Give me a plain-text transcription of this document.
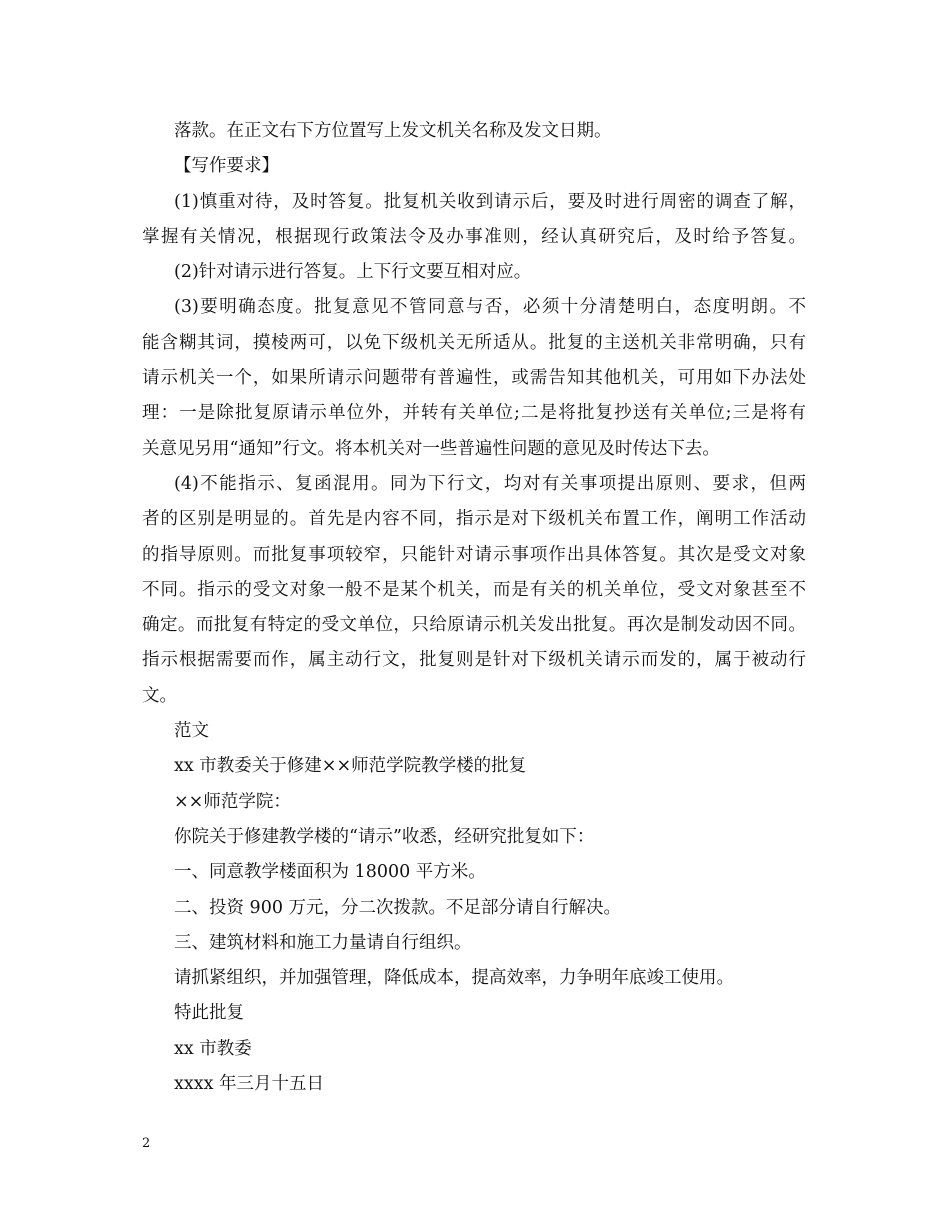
落款。在正文右下方位置写上发文机关名称及发文日期。
【写作要求】
(1)慎重对待，及时答复。批复机关收到请示后，要及时进行周密的调查了解，
掌握有关情况，根据现行政策法令及办事准则，经认真研究后，及时给予答复。
(2)针对请示进行答复。上下行文要互相对应。
(3)要明确态度。批复意见不管同意与否，必须十分清楚明白，态度明朗。不
能含糊其词，摸棱两可，以免下级机关无所适从。批复的主送机关非常明确，只有
请示机关一个，如果所请示问题带有普遍性，或需告知其他机关，可用如下办法处
理：一是除批复原请示单位外，并转有关单位;二是将批复抄送有关单位;三是将有
关意见另用“通知”行文。将本机关对一些普遍性问题的意见及时传达下去。
(4)不能指示、复函混用。同为下行文，均对有关事项提出原则、要求，但两
者的区别是明显的。首先是内容不同，指示是对下级机关布置工作，阐明工作活动
的指导原则。而批复事项较窄，只能针对请示事项作出具体答复。其次是受文对象
不同。指示的受文对象一般不是某个机关，而是有关的机关单位，受文对象甚至不
确定。而批复有特定的受文单位，只给原请示机关发出批复。再次是制发动因不同。
指示根据需要而作，属主动行文，批复则是针对下级机关请示而发的，属于被动行
文。
范文
xx 市教委关于修建××师范学院教学楼的批复
××师范学院：
你院关于修建教学楼的“请示”收悉，经研究批复如下：
一、同意教学楼面积为 18000 平方米。
二、投资 900 万元，分二次拨款。不足部分请自行解决。
三、建筑材料和施工力量请自行组织。
请抓紧组织，并加强管理，降低成本，提高效率，力争明年底竣工使用。
特此批复
xx 市教委
xxxx 年三月十五日
2
